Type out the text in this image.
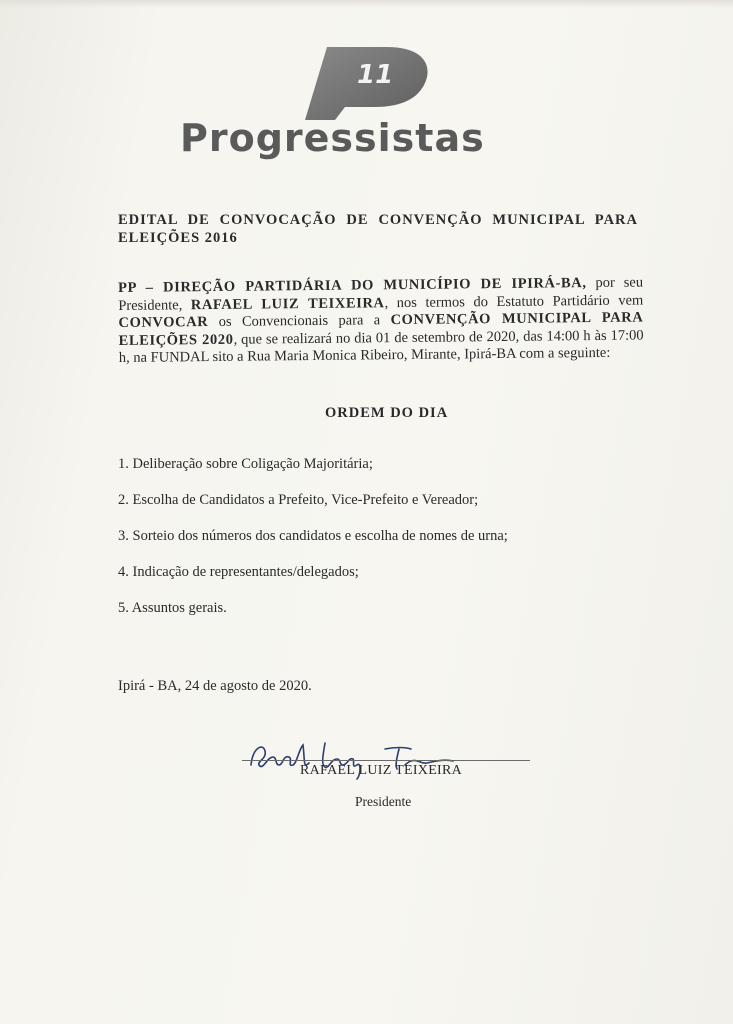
11
Progressistas
EDITAL DE CONVOCAÇÃO DE CONVENÇÃO MUNICIPAL PARA
ELEIÇÕES 2016
PP – DIREÇÃO PARTIDÁRIA DO MUNICÍPIO DE IPIRÁ-BA, por seu
Presidente, RAFAEL LUIZ TEIXEIRA, nos termos do Estatuto Partidário vem
CONVOCAR os Convencionais para a CONVENÇÃO MUNICIPAL PARA
ELEIÇÕES 2020, que se realizará no dia 01 de setembro de 2020, das 14:00 h às 17:00
h, na FUNDAL sito a Rua Maria Monica Ribeiro, Mirante, Ipirá-BA com a seguinte:
ORDEM DO DIA
1. Deliberação sobre Coligação Majoritária;
2. Escolha de Candidatos a Prefeito, Vice-Prefeito e Vereador;
3. Sorteio dos números dos candidatos e escolha de nomes de urna;
4. Indicação de representantes/delegados;
5. Assuntos gerais.
Ipirá - BA, 24 de agosto de 2020.
RAFAEL LUIZ TEIXEIRA
Presidente
